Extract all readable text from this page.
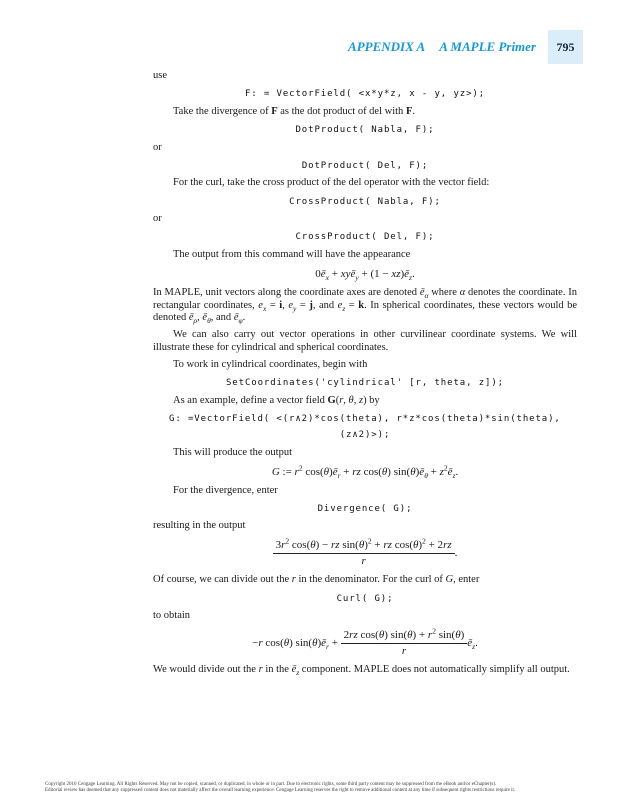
APPENDIX A A MAPLE Primer 795
use
F: = VectorField( <x*y*z, x - y, yz>);
Take the divergence of F as the dot product of del with F.
DotProduct( Nabla, F);
or
DotProduct( Del, F);
For the curl, take the cross product of the del operator with the vector field:
CrossProduct( Nabla, F);
or
CrossProduct( Del, F);
The output from this command will have the appearance
$0ē_x$ + xyē$_y$ + $(1 - xz)ē_z$.
In MAPLE, unit vectors along the coordinate axes are denoted $ē_\alpha$ where α denotes the coordinate. In rectangular coordinates, $e_x = i$, $e_y = j$, and $e_z = k$. In spherical coordinates, these vectors would be denoted $ē_\rho$, $ē_\theta$, and $ē_\varphi$.
We can also carry out vector operations in other curvilinear coordinate systems. We will illustrate these for cylindrical and spherical coordinates.
To work in cylindrical coordinates, begin with
SetCoordinates('cylindrical' [r, theta, z]);
As an example, define a vector field G(r, θ, z) by
G: =VectorField( <(r∧2)*cos(theta), r*z*cos(theta)*sin(theta),
(z∧2)>);
This will produce the output
G := $r^2$ $\cos(\theta)ē_r$ + rz cos(θ) $\sin(\theta)ē_\theta$ + $z^2ē_z$.
For the divergence, enter
Divergence( G);
resulting in the output
$\frac{3r^2 \cos(\theta) - rz \sin(\theta)^2 + rz \cos(\theta)^2 + 2rz}{r}$ .
Of course, we can divide out the r in the denominator. For the curl of G, enter
Curl( G);
to obtain
−r cos(θ) $\sin(\theta)ē_r + \frac{2rz \cos(\theta) \sin(\theta) + r^2 \sin(\theta)}{r}$ $ē_z$.
We would divide out the r in the $ē_z$ component. MAPLE does not automatically simplify all output.
Copyright 2010 Cengage Learning. All Rights Reserved. May not be copied, scanned, or duplicated, in whole or in part. Due to electronic rights, some third party content may be suppressed from the eBook and/or eChapter(s).
Editorial review has deemed that any suppressed content does not materially affect the overall learning experience. Cengage Learning reserves the right to remove additional content at any time if subsequent rights restrictions require it.
